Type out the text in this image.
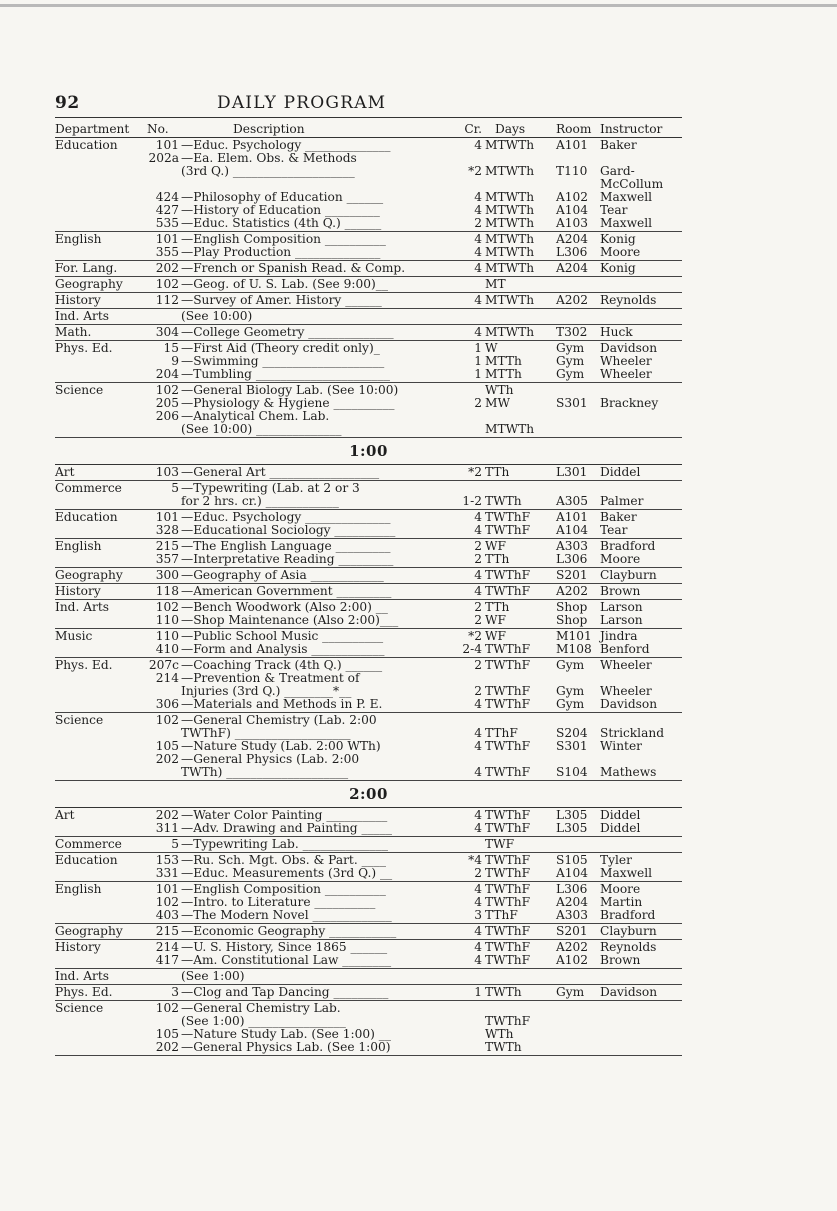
92	DAILY PROGRAM
Department	No.	Description	Cr.	Days	Room Instructor
Education	101 —Educ. Psychology ______________	4 MTWTh	A101 Baker
202a —Ea. Elem. Obs. & Methods
(3rd Q.) ____________________	*2 MTWTh	T110	Gard-
McCollum
424 —Philosophy of Education ______	4 MTWTh	A102 Maxwell
427 —History of Education _________	4 MTWTh	A104 Tear
535 —Educ. Statistics (4th Q.) ______	2 MTWTh	A103 Maxwell
English	101 —English Composition __________	4 MTWTh	A204 Konig
355 —Play Production ______________	4 MTWTh	L306	Moore
For. Lang.	202 —French or Spanish Read. & Comp.	4 MTWTh	A204 Konig
Geography	102 —Geog. of U. S. Lab. (See 9:00)__	MT
History	112 —Survey of Amer. History ______	4 MTWTh	A202 Reynolds
Ind. Arts	(See 10:00)
Math.	304 —College Geometry ______________	4 MTWTh	T302	Huck
Phys. Ed.	15 —First Aid (Theory credit only)_	1 W	Gym	Davidson
9 —Swimming ____________________	1 MTTh	Gym	Wheeler
204 —Tumbling ______________________	1 MTTh	Gym	Wheeler
Science	102 —General Biology Lab. (See 10:00)	WTh
205 —Physiology & Hygiene __________	2 MW	S301	Brackney
206 —Analytical Chem. Lab.
(See 10:00) ______________	MTWTh
1:00
Art	103 —General Art __________________	*2 TTh	L301	Diddel
Commerce	5 —Typewriting (Lab. at 2 or 3
for 2 hrs. cr.) ____________	1-2 TWTh	A305 Palmer
Education	101 —Educ. Psychology ______________	4 TWThF	A101 Baker
328 —Educational Sociology __________	4 TWThF	A104 Tear
English	215 —The English Language _________	2 WF	A303 Bradford
357 —Interpretative Reading _________	2 TTh	L306	Moore
Geography	300 —Geography of Asia ____________	4 TWThF	S201	Clayburn
History	118 —American Government _________	4 TWThF	A202 Brown
Ind. Arts	102 —Bench Woodwork (Also 2:00) __	2 TTh	Shop	Larson
110 —Shop Maintenance (Also 2:00)___	2 WF	Shop	Larson
Music	110 —Public School Music __________	*2 WF	M101 Jindra
410 —Form and Analysis ____________	2-4 TWThF	M108 Benford
Phys. Ed.	207c —Coaching Track (4th Q.) ______	2 TWThF	Gym	Wheeler
214 —Prevention & Treatment of
Injuries (3rd Q.) ________*__	2 TWThF	Gym	Wheeler
306 —Materials and Methods in P. E.	4 TWThF	Gym	Davidson
Science	102 —General Chemistry (Lab. 2:00
TWThF) ___________________	4 TThF	S204	Strickland
105 —Nature Study (Lab. 2:00 WTh)	4 TWThF	S301	Winter
202 —General Physics (Lab. 2:00
TWTh) ____________________	4 TWThF	S104	Mathews
2:00
Art	202 —Water Color Painting __________	4 TWThF	L305	Diddel
311 —Adv. Drawing and Painting _____	4 TWThF	L305	Diddel
Commerce	5 —Typewriting Lab. ______________	TWF
Education	153 —Ru. Sch. Mgt. Obs. & Part. ____	*4 TWThF	S105	Tyler
331 —Educ. Measurements (3rd Q.) __	2 TWThF	A104 Maxwell
English	101 —English Composition __________	4 TWThF	L306	Moore
102 —Intro. to Literature __________	4 TWThF	A204 Martin
403 —The Modern Novel _____________	3 TThF	A303 Bradford
Geography	215 —Economic Geography ___________	4 TWThF	S201	Clayburn
History	214 —U. S. History, Since 1865 ______	4 TWThF	A202 Reynolds
417 —Am. Constitutional Law ________	4 TWThF	A102 Brown
Ind. Arts	(See 1:00)
Phys. Ed.	3 —Clog and Tap Dancing _________	1 TWTh	Gym	Davidson
Science	102 —General Chemistry Lab.
(See 1:00) ________________	TWThF
105 —Nature Study Lab. (See 1:00) __	WTh
202 —General Physics Lab. (See 1:00)	TWTh
